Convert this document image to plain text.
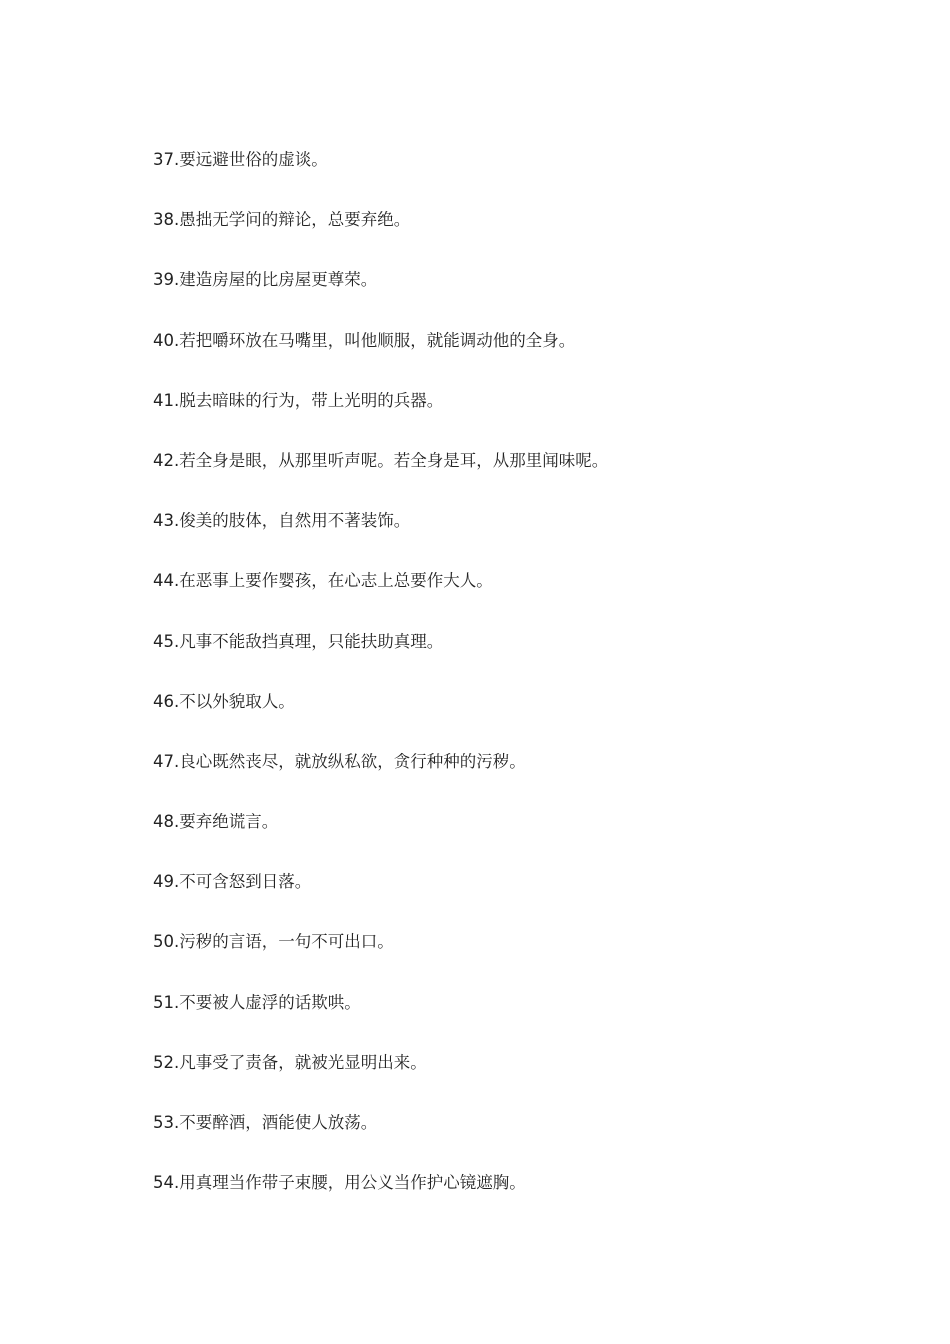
37.要远避世俗的虚谈。
38.愚拙无学问的辩论，总要弃绝。
39.建造房屋的比房屋更尊荣。
40.若把嚼环放在马嘴里，叫他顺服，就能调动他的全身。
41.脱去暗昧的行为，带上光明的兵器。
42.若全身是眼，从那里听声呢。若全身是耳，从那里闻味呢。
43.俊美的肢体，自然用不著装饰。
44.在恶事上要作婴孩，在心志上总要作大人。
45.凡事不能敌挡真理，只能扶助真理。
46.不以外貌取人。
47.良心既然丧尽，就放纵私欲，贪行种种的污秽。
48.要弃绝谎言。
49.不可含怒到日落。
50.污秽的言语，一句不可出口。
51.不要被人虚浮的话欺哄。
52.凡事受了责备，就被光显明出来。
53.不要醉酒，酒能使人放荡。
54.用真理当作带子束腰，用公义当作护心镜遮胸。
